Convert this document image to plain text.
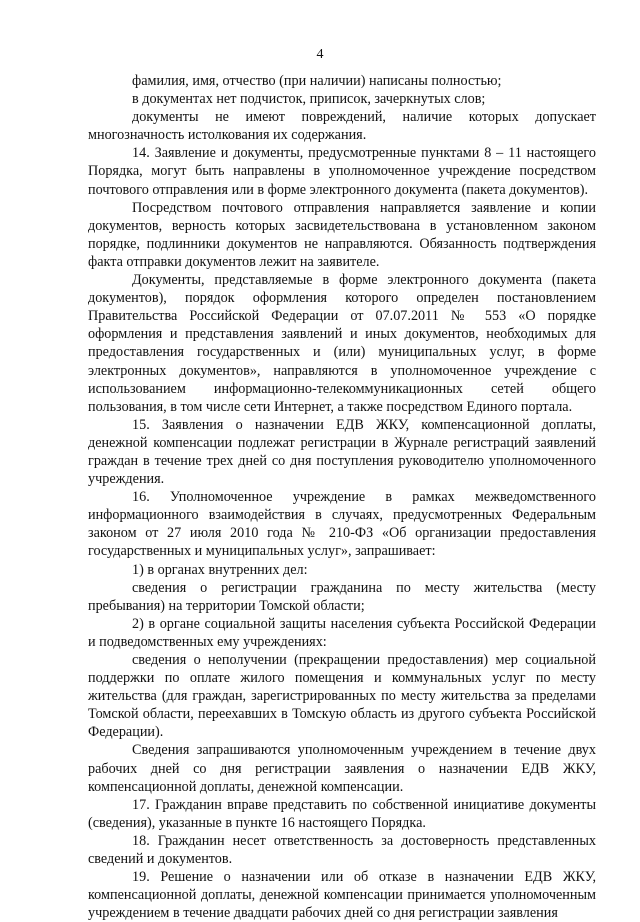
4

фамилия, имя, отчество (при наличии) написаны полностью;

в документах нет подчисток, приписок, зачеркнутых слов;

документы не имеют повреждений, наличие которых допускает многозначность истолкования их содержания.

14. Заявление и документы, предусмотренные пунктами 8 – 11 настоящего Порядка, могут быть направлены в уполномоченное учреждение посредством почтового отправления или в форме электронного документа (пакета документов).

Посредством почтового отправления направляется заявление и копии документов, верность которых засвидетельствована в установленном законом порядке, подлинники документов не направляются. Обязанность подтверждения факта отправки документов лежит на заявителе.

Документы, представляемые в форме электронного документа (пакета документов), порядок оформления которого определен постановлением Правительства Российской Федерации от 07.07.2011 № 553 «О порядке оформления и представления заявлений и иных документов, необходимых для предоставления государственных и (или) муниципальных услуг, в форме электронных документов», направляются в уполномоченное учреждение с использованием информационно-телекоммуникационных сетей общего пользования, в том числе сети Интернет, а также посредством Единого портала.

15. Заявления о назначении ЕДВ ЖКУ, компенсационной доплаты, денежной компенсации подлежат регистрации в Журнале регистраций заявлений граждан в течение трех дней со дня поступления руководителю уполномоченного учреждения.

16. Уполномоченное учреждение в рамках межведомственного информационного взаимодействия в случаях, предусмотренных Федеральным законом от 27 июля 2010 года № 210-ФЗ «Об организации предоставления государственных и муниципальных услуг», запрашивает:

1) в органах внутренних дел:

сведения о регистрации гражданина по месту жительства (месту пребывания) на территории Томской области;

2) в органе социальной защиты населения субъекта Российской Федерации и подведомственных ему учреждениях:

сведения о неполучении (прекращении предоставления) мер социальной поддержки по оплате жилого помещения и коммунальных услуг по месту жительства (для граждан, зарегистрированных по месту жительства за пределами Томской области, переехавших в Томскую область из другого субъекта Российской Федерации).

Сведения запрашиваются уполномоченным учреждением в течение двух рабочих дней со дня регистрации заявления о назначении ЕДВ ЖКУ, компенсационной доплаты, денежной компенсации.

17. Гражданин вправе представить по собственной инициативе документы (сведения), указанные в пункте 16 настоящего Порядка.

18. Гражданин несет ответственность за достоверность представленных сведений и документов.

19. Решение о назначении или об отказе в назначении ЕДВ ЖКУ, компенсационной доплаты, денежной компенсации принимается уполномоченным учреждением в течение двадцати рабочих дней со дня регистрации заявления
